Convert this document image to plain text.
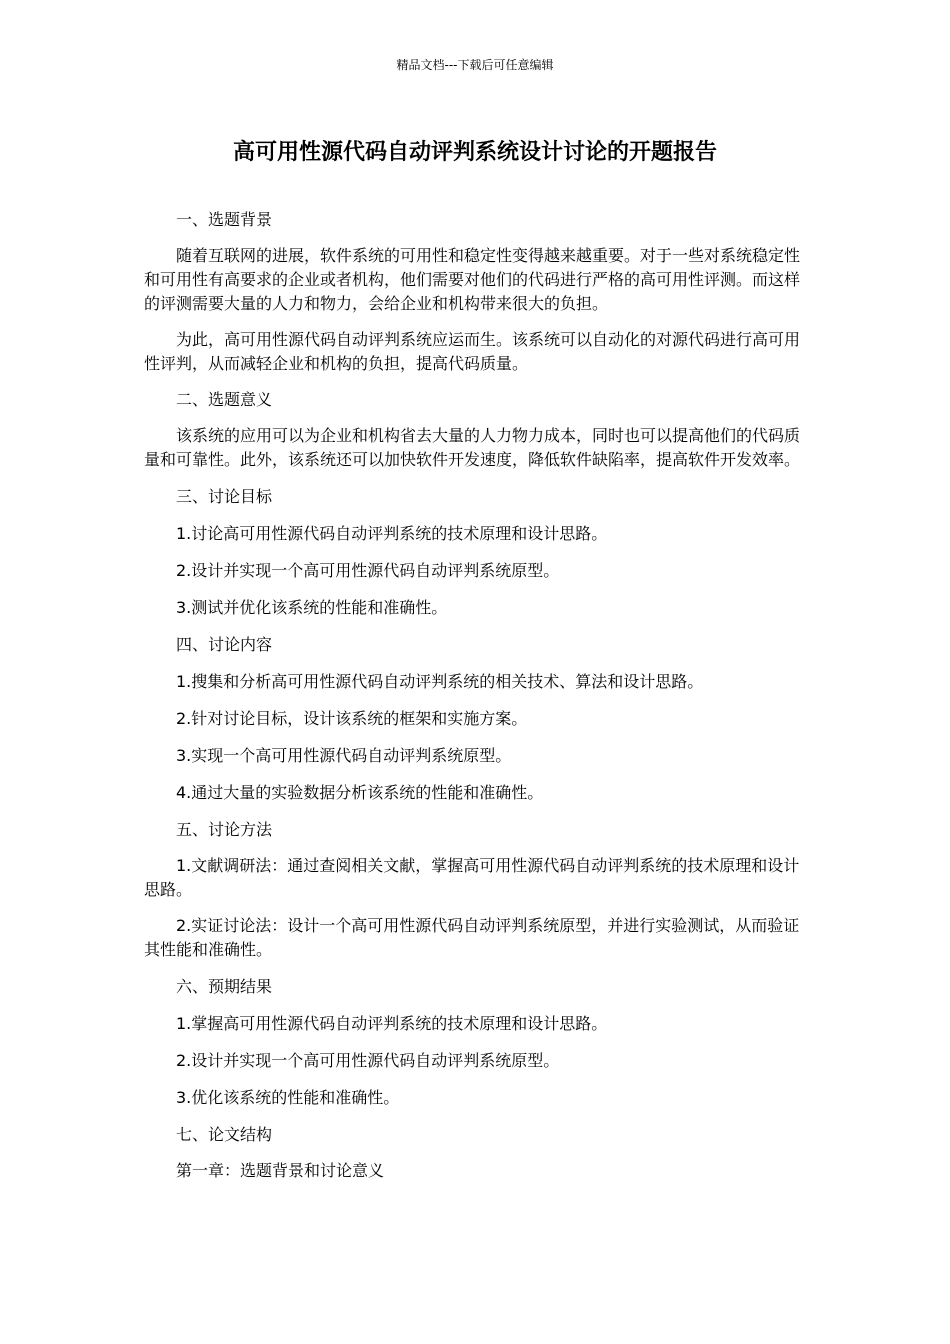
精品文档---下载后可任意编辑
高可用性源代码自动评判系统设计讨论的开题报告

一、选题背景

随着互联网的进展，软件系统的可用性和稳定性变得越来越重要。对于一些对系统稳定性和可用性有高要求的企业或者机构，他们需要对他们的代码进行严格的高可用性评测。而这样的评测需要大量的人力和物力，会给企业和机构带来很大的负担。

为此，高可用性源代码自动评判系统应运而生。该系统可以自动化的对源代码进行高可用性评判，从而减轻企业和机构的负担，提高代码质量。

二、选题意义

该系统的应用可以为企业和机构省去大量的人力物力成本，同时也可以提高他们的代码质量和可靠性。此外，该系统还可以加快软件开发速度，降低软件缺陷率，提高软件开发效率。

三、讨论目标

1.讨论高可用性源代码自动评判系统的技术原理和设计思路。

2.设计并实现一个高可用性源代码自动评判系统原型。

3.测试并优化该系统的性能和准确性。

四、讨论内容

1.搜集和分析高可用性源代码自动评判系统的相关技术、算法和设计思路。

2.针对讨论目标，设计该系统的框架和实施方案。

3.实现一个高可用性源代码自动评判系统原型。

4.通过大量的实验数据分析该系统的性能和准确性。

五、讨论方法

1.文献调研法：通过查阅相关文献，掌握高可用性源代码自动评判系统的技术原理和设计思路。

2.实证讨论法：设计一个高可用性源代码自动评判系统原型，并进行实验测试，从而验证其性能和准确性。

六、预期结果

1.掌握高可用性源代码自动评判系统的技术原理和设计思路。

2.设计并实现一个高可用性源代码自动评判系统原型。

3.优化该系统的性能和准确性。

七、论文结构

第一章：选题背景和讨论意义
